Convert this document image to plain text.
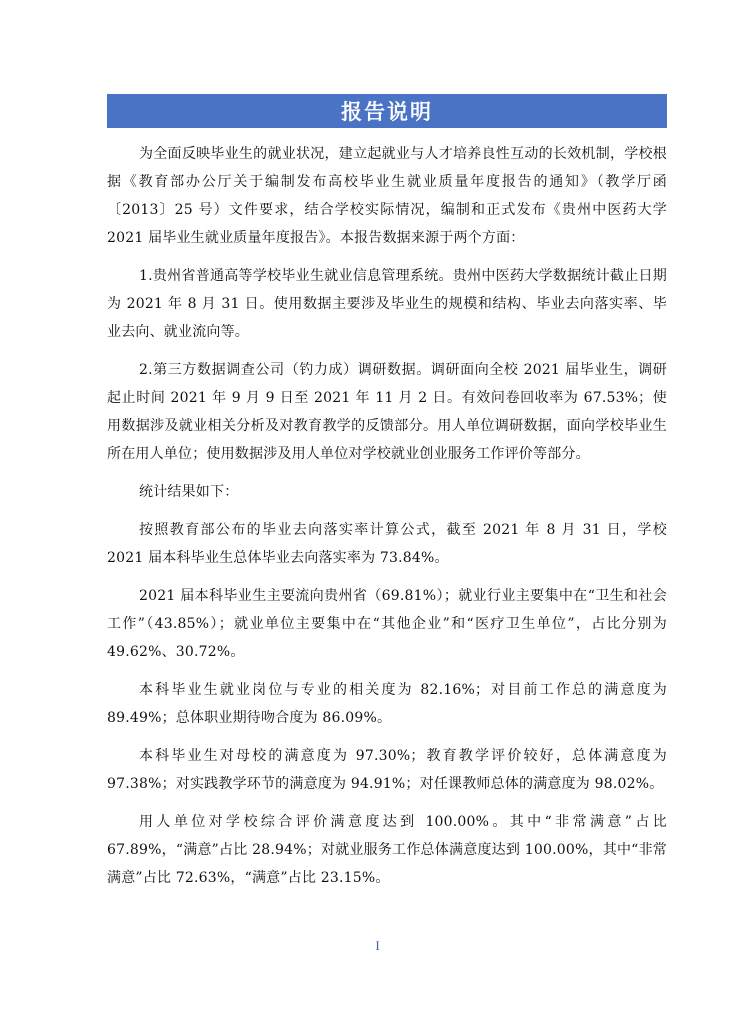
报告说明

为全面反映毕业生的就业状况，建立起就业与人才培养良性互动的长效机制，学校根据《教育部办公厅关于编制发布高校毕业生就业质量年度报告的通知》（教学厅函〔2013〕25 号）文件要求，结合学校实际情况，编制和正式发布《贵州中医药大学 2021 届毕业生就业质量年度报告》。本报告数据来源于两个方面：

1.贵州省普通高等学校毕业生就业信息管理系统。贵州中医药大学数据统计截止日期为 2021 年 8 月 31 日。使用数据主要涉及毕业生的规模和结构、毕业去向落实率、毕业去向、就业流向等。

2.第三方数据调查公司（钓力成）调研数据。调研面向全校 2021 届毕业生，调研起止时间 2021 年 9 月 9 日至 2021 年 11 月 2 日。有效问卷回收率为 67.53%；使用数据涉及就业相关分析及对教育教学的反馈部分。用人单位调研数据，面向学校毕业生所在用人单位；使用数据涉及用人单位对学校就业创业服务工作评价等部分。

统计结果如下：

按照教育部公布的毕业去向落实率计算公式，截至 2021 年 8 月 31 日，学校 2021 届本科毕业生总体毕业去向落实率为 73.84%。

2021 届本科毕业生主要流向贵州省（69.81%）；就业行业主要集中在“卫生和社会工作”（43.85%）；就业单位主要集中在“其他企业”和“医疗卫生单位”，占比分别为 49.62%、30.72%。

本科毕业生就业岗位与专业的相关度为 82.16%；对目前工作总的满意度为 89.49%；总体职业期待吻合度为 86.09%。

本科毕业生对母校的满意度为 97.30%；教育教学评价较好，总体满意度为 97.38%；对实践教学环节的满意度为 94.91%；对任课教师总体的满意度为 98.02%。

用人单位对学校综合评价满意度达到 100.00%。其中“非常满意”占比 67.89%，“满意”占比 28.94%；对就业服务工作总体满意度达到 100.00%，其中“非常满意”占比 72.63%，“满意”占比 23.15%。

I
